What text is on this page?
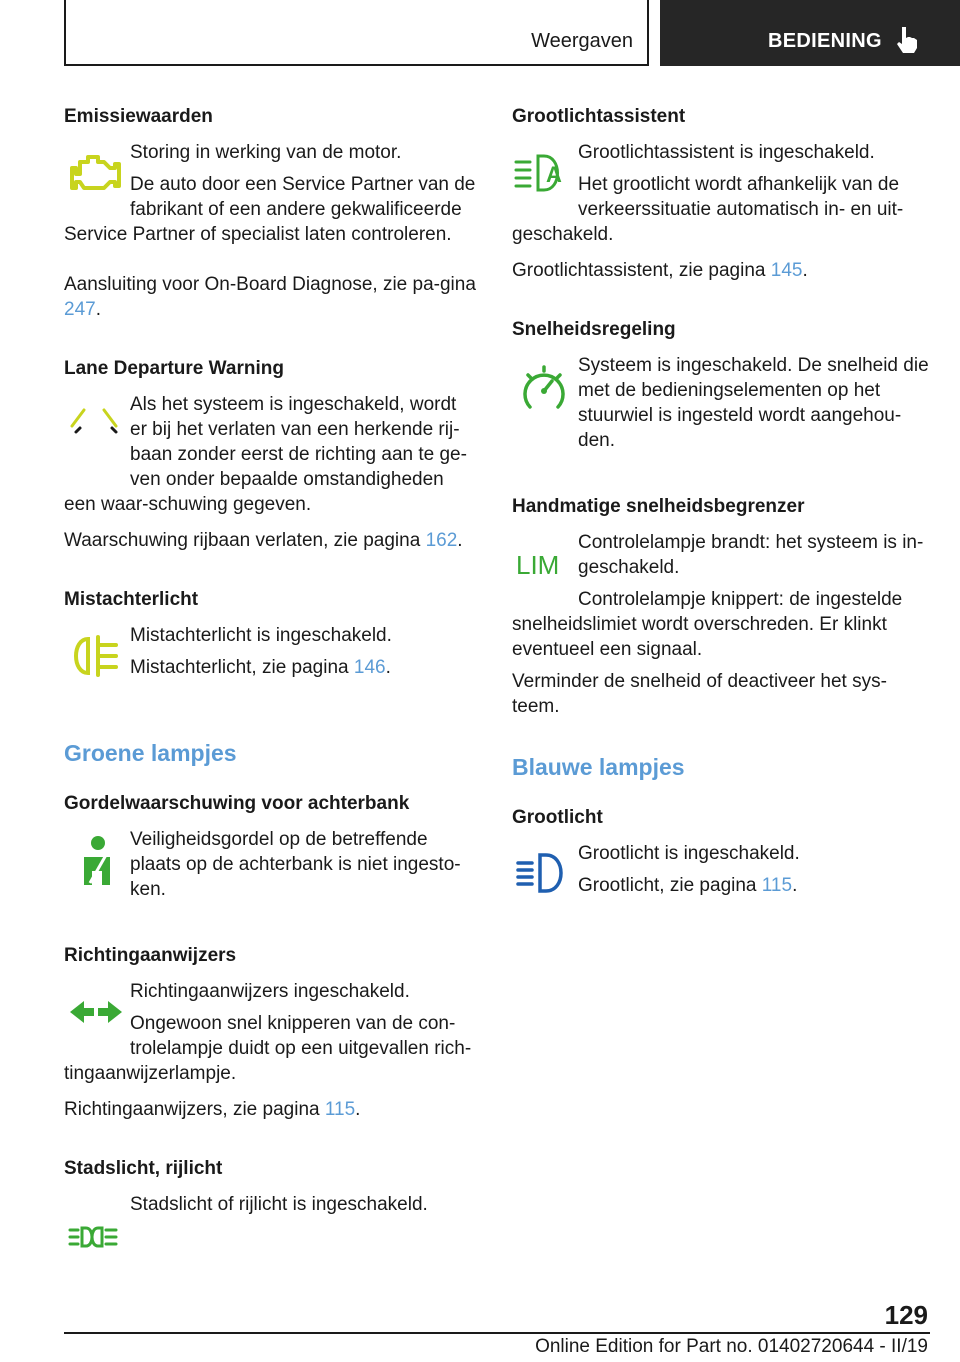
Weergaven	BEDIENING
Emissiewaarden

Storing in werking van de motor.

De auto door een Service Partner van de fabrikant of een andere gekwalificeerde Service Partner of specialist laten controleren.

Aansluiting voor On-Board Diagnose, zie pa-gina 247.

Lane Departure Warning

Als het systeem is ingeschakeld, wordt er bij het verlaten van een herkende rij-baan zonder eerst de richting aan te ge-ven onder bepaalde omstandigheden een waar-schuwing gegeven.

Waarschuwing rijbaan verlaten, zie pagina 162.

Mistachterlicht

Mistachterlicht is ingeschakeld.

Mistachterlicht, zie pagina 146.

Groene lampjes
Gordelwaarschuwing voor achterbank

Veiligheidsgordel op de betreffende plaats op de achterbank is niet ingesto-ken.

Richtingaanwijzers

Richtingaanwijzers ingeschakeld.

Ongewoon snel knipperen van de con-trolelampje duidt op een uitgevallen rich-tingaanwijzerlampje.

Richtingaanwijzers, zie pagina 115.

Stadslicht, rijlicht

Stadslicht of rijlicht is ingeschakeld.

Grootlichtassistent
A

Grootlichtassistent is ingeschakeld.

Het grootlicht wordt afhankelijk van de verkeerssituatie automatisch in- en uit-geschakeld.

Grootlichtassistent, zie pagina 145.

Snelheidsregeling

Systeem is ingeschakeld. De snelheid die met de bedieningselementen op het stuurwiel is ingesteld wordt aangehou-den.

Handmatige snelheidsbegrenzer
LIM

Controlelampje brandt: het systeem is in-geschakeld.

Controlelampje knippert: de ingestelde snelheidslimiet wordt overschreden. Er klinkt eventueel een signaal.

Verminder de snelheid of deactiveer het sys-teem.

Blauwe lampjes
Grootlicht

Grootlicht is ingeschakeld.

Grootlicht, zie pagina 115.

129
Online Edition for Part no. 01402720644 - II/19
